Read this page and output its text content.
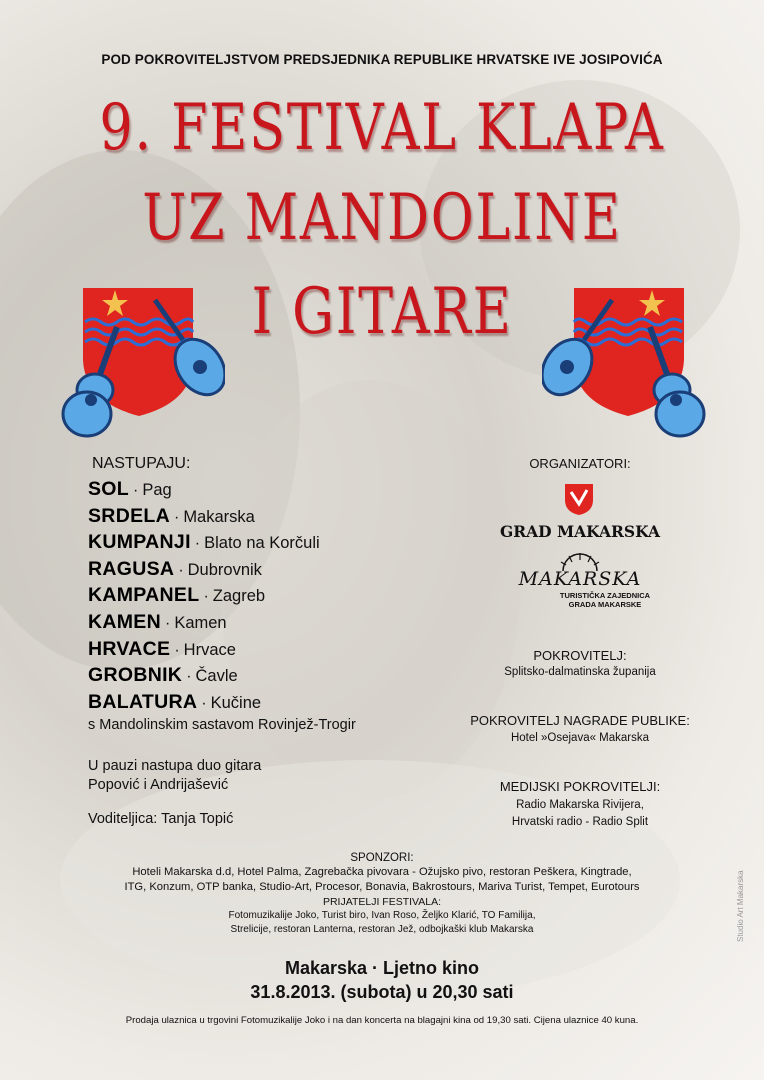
POD POKROVITELJSTVOM PREDSJEDNIKA REPUBLIKE HRVATSKE IVE JOSIPOVIĆA
9. FESTIVAL KLAPA
UZ MANDOLINE
I GITARE
NASTUPAJU:
SOL · Pag
SRDELA · Makarska
KUMPANJI · Blato na Korčuli
RAGUSA · Dubrovnik
KAMPANEL · Zagreb
KAMEN · Kamen
HRVACE · Hrvace
GROBNIK · Čavle
BALATURA · Kučine
s Mandolinskim sastavom Rovinjež-Trogir
U pauzi nastupa duo gitara
Popović i Andrijašević
Voditeljica: Tanja Topić
ORGANIZATORI:
GRAD MAKARSKA
MAKARSKA
TURISTIČKA ZAJEDNICA
GRADA MAKARSKE
POKROVITELJ:
Splitsko-dalmatinska županija
POKROVITELJ NAGRADE PUBLIKE:
Hotel »Osejava« Makarska
MEDIJSKI POKROVITELJI:
Radio Makarska Rivijera,
Hrvatski radio - Radio Split
SPONZORI:
Hoteli Makarska d.d, Hotel Palma, Zagrebačka pivovara - Ožujsko pivo, restoran Peškera, Kingtrade,
ITG, Konzum, OTP banka, Studio-Art, Procesor, Bonavia, Bakrostours, Mariva Turist, Tempet, Eurotours
PRIJATELJI FESTIVALA:
Fotomuzikalije Joko, Turist biro, Ivan Roso, Željko Klarić, TO Familija,
Strelicije, restoran Lanterna, restoran Jež, odbojkaški klub Makarska
Makarska · Ljetno kino
31.8.2013. (subota) u 20,30 sati
Prodaja ulaznica u trgovini Fotomuzikalije Joko i na dan koncerta na blagajni kina od 19,30 sati. Cijena ulaznice 40 kuna.
Studio Art Makarska
